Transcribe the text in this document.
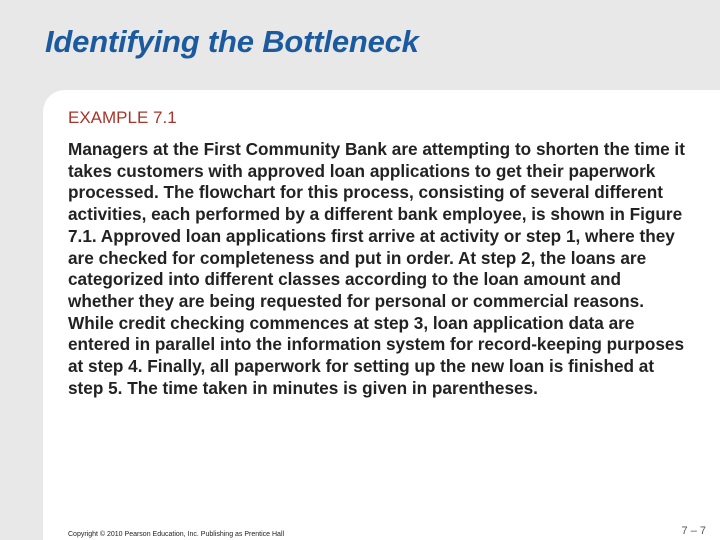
Identifying the Bottleneck
EXAMPLE 7.1

Managers at the First Community Bank are attempting to shorten the time it takes customers with approved loan applications to get their paperwork processed. The flowchart for this process, consisting of several different activities, each performed by a different bank employee, is shown in Figure 7.1. Approved loan applications first arrive at activity or step 1, where they are checked for completeness and put in order. At step 2, the loans are categorized into different classes according to the loan amount and whether they are being requested for personal or commercial reasons. While credit checking commences at step 3, loan application data are entered in parallel into the information system for record-keeping purposes at step 4. Finally, all paperwork for setting up the new loan is finished at step 5. The time taken in minutes is given in parentheses.

Copyright © 2010 Pearson Education, Inc. Publishing as Prentice Hall	7 – 7
